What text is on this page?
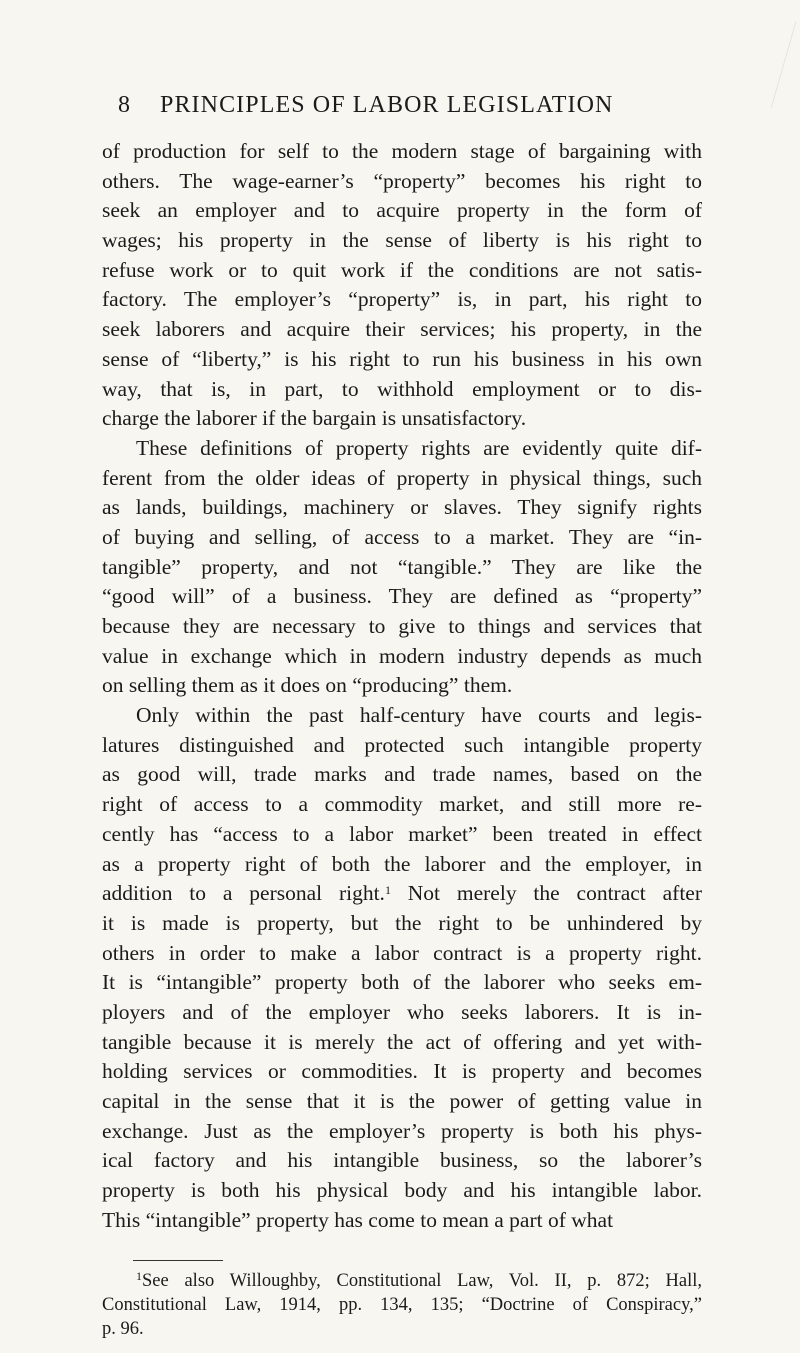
8 PRINCIPLES OF LABOR LEGISLATION
of production for self to the modern stage of bargaining with
others. The wage-earner’s “property” becomes his right to
seek an employer and to acquire property in the form of
wages; his property in the sense of liberty is his right to
refuse work or to quit work if the conditions are not satis-
factory. The employer’s “property” is, in part, his right to
seek laborers and acquire their services; his property, in the
sense of “liberty,” is his right to run his business in his own
way, that is, in part, to withhold employment or to dis-
charge the laborer if the bargain is unsatisfactory.
These definitions of property rights are evidently quite dif-
ferent from the older ideas of property in physical things, such
as lands, buildings, machinery or slaves. They signify rights
of buying and selling, of access to a market. They are “in-
tangible” property, and not “tangible.” They are like the
“good will” of a business. They are defined as “property”
because they are necessary to give to things and services that
value in exchange which in modern industry depends as much
on selling them as it does on “producing” them.
Only within the past half-century have courts and legis-
latures distinguished and protected such intangible property
as good will, trade marks and trade names, based on the
right of access to a commodity market, and still more re-
cently has “access to a labor market” been treated in effect
as a property right of both the laborer and the employer, in
addition to a personal right.$^1$ Not merely the contract after
it is made is property, but the right to be unhindered by
others in order to make a labor contract is a property right.
It is “intangible” property both of the laborer who seeks em-
ployers and of the employer who seeks laborers. It is in-
tangible because it is merely the act of offering and yet with-
holding services or commodities. It is property and becomes
capital in the sense that it is the power of getting value in
exchange. Just as the employer’s property is both his phys-
ical factory and his intangible business, so the laborer’s
property is both his physical body and his intangible labor.
This “intangible” property has come to mean a part of what
$^1$See also Willoughby, Constitutional Law, Vol. II, p. 872; Hall,
Constitutional Law, 1914, pp. 134, 135; “Doctrine of Conspiracy,”
p. 96.
